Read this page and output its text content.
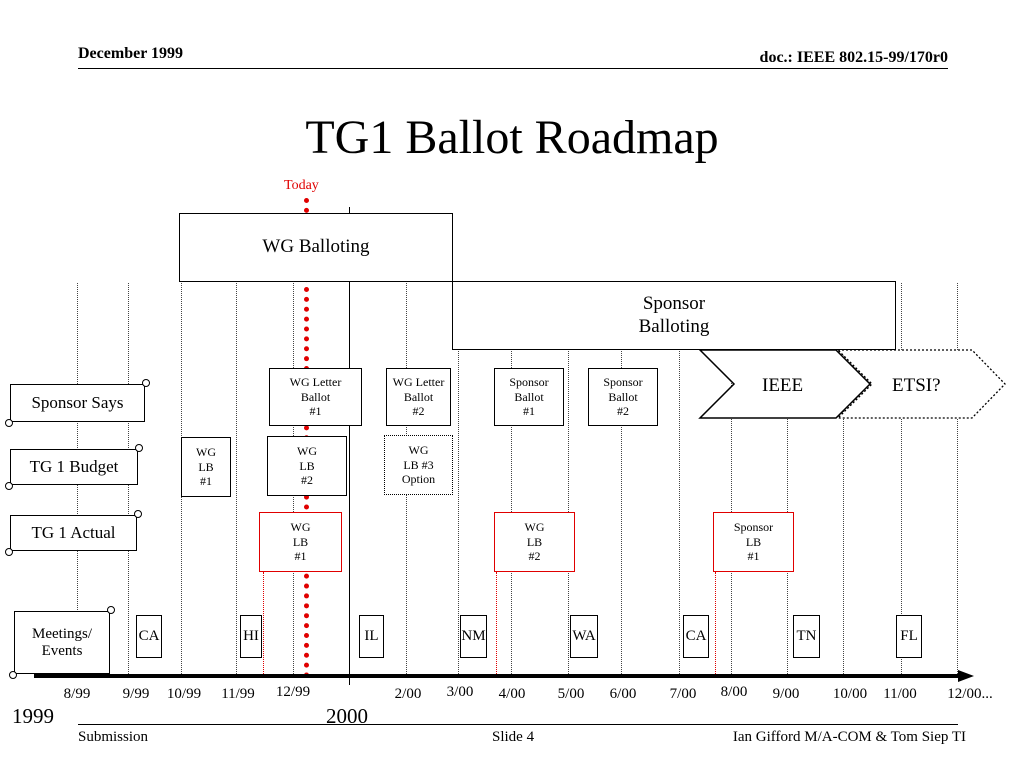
December 1999	doc.: IEEE 802.15-99/170r0
TG1 Ballot Roadmap
Today
WG Balloting
Sponsor
Balloting
IEEE	ETSI?
Sponsor Says
TG 1 Budget
TG 1 Actual
Meetings/
Events
WG Letter
Ballot
#1
WG Letter
Ballot
#2
Sponsor
Ballot
#1
Sponsor
Ballot
#2
WG
LB
#1
WG
LB
#2
WG
LB #3
Option
WG
LB
#1
WG
LB
#2
Sponsor
LB
#1
CA	HI	IL	NM	WA	CA	TN	FL
8/99	9/99	10/99	11/99	12/99	2/00	3/00	4/00	5/00	6/00	7/00	8/00	9/00	10/00	11/00	12/00...
1999	2000
Submission	Slide 4	Ian Gifford M/A-COM & Tom Siep TI
